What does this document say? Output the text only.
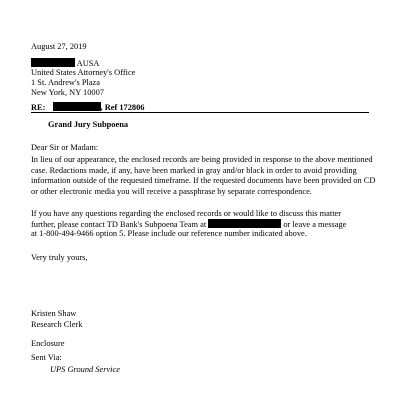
August 27, 2019
AUSA
United States Attorney's Office
1 St. Andrew's Plaza
New York, NY 10007
RE:	, Ref 172806
Grand Jury Subpoena
Dear Sir or Madam:
In lieu of our appearance, the enclosed records are being provided in response to the above mentioned case. Redactions made, if any, have been marked in gray and/or black in order to avoid providing information outside of the requested timeframe. If the requested documents have been provided on CD or other electronic media you will receive a passphrase by separate correspondence.
If you have any questions regarding the enclosed records or would like to discuss this matter
further, please contact TD Bank's Subpoena Team at	or leave a message
at 1-800-494-9466 option 5. Please include our reference number indicated above.
Very truly yours,
Kristen Shaw
Research Clerk
Enclosure
Sent Via:
UPS Ground Service
